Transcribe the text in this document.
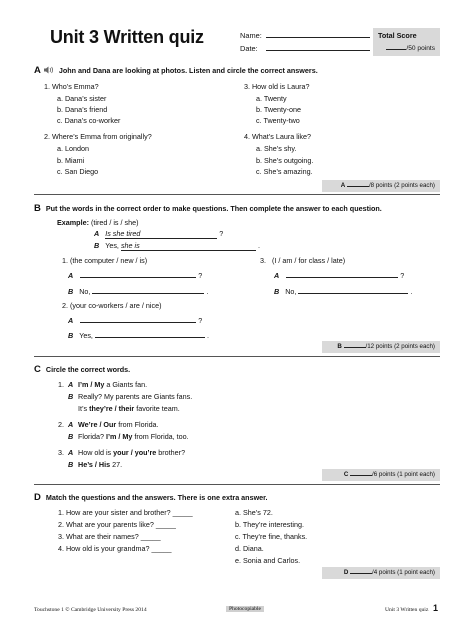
Unit 3 Written quiz	Name:
Date:
Total Score
/50 points
A	John and Dana are looking at photos. Listen and circle the correct answers.
1. Who’s Emma?
a. Dana’s sister
b. Dana’s friend
c. Dana’s co-worker
2. Where’s Emma from originally?
a. London
b. Miami
c. San Diego
3. How old is Laura?
a. Twenty
b. Twenty-one
c. Twenty-two
4. What’s Laura like?
a. She’s shy.
b. She’s outgoing.
c. She’s amazing.
A	/8 points (2 points each)
B Put the words in the correct order to make questions. Then complete the answer to each question.
Example: (tired / is / she)
A Is she tired	?
B Yes, she is	.
1. (the computer / new / is)
A	?
B No,	.
3. (I / am / for class / late)
A	?
B No,	.
2. (your co-workers / are / nice)
A	?
B Yes,	.
B	/12 points (2 points each)
C Circle the correct words.
1. A I’m / My a Giants fan.
B Really? My parents are Giants fans.
It’s they’re / their favorite team.
2. A We’re / Our from Florida.
B Florida? I’m / My from Florida, too.
3. A How old is your / you’re brother?
B He’s / His 27.
C	/6 points (1 point each)
D Match the questions and the answers. There is one extra answer.
1. How are your sister and brother? _____
2. What are your parents like? _____
3. What are their names? _____
4. How old is your grandma? _____
a. She’s 72.
b. They’re interesting.
c. They’re fine, thanks.
d. Diana.
e. Sonia and Carlos.
D	/4 points (1 point each)
Touchstone 1 © Cambridge University Press 2014	Photocopiable	Unit 3 Written quiz 1
